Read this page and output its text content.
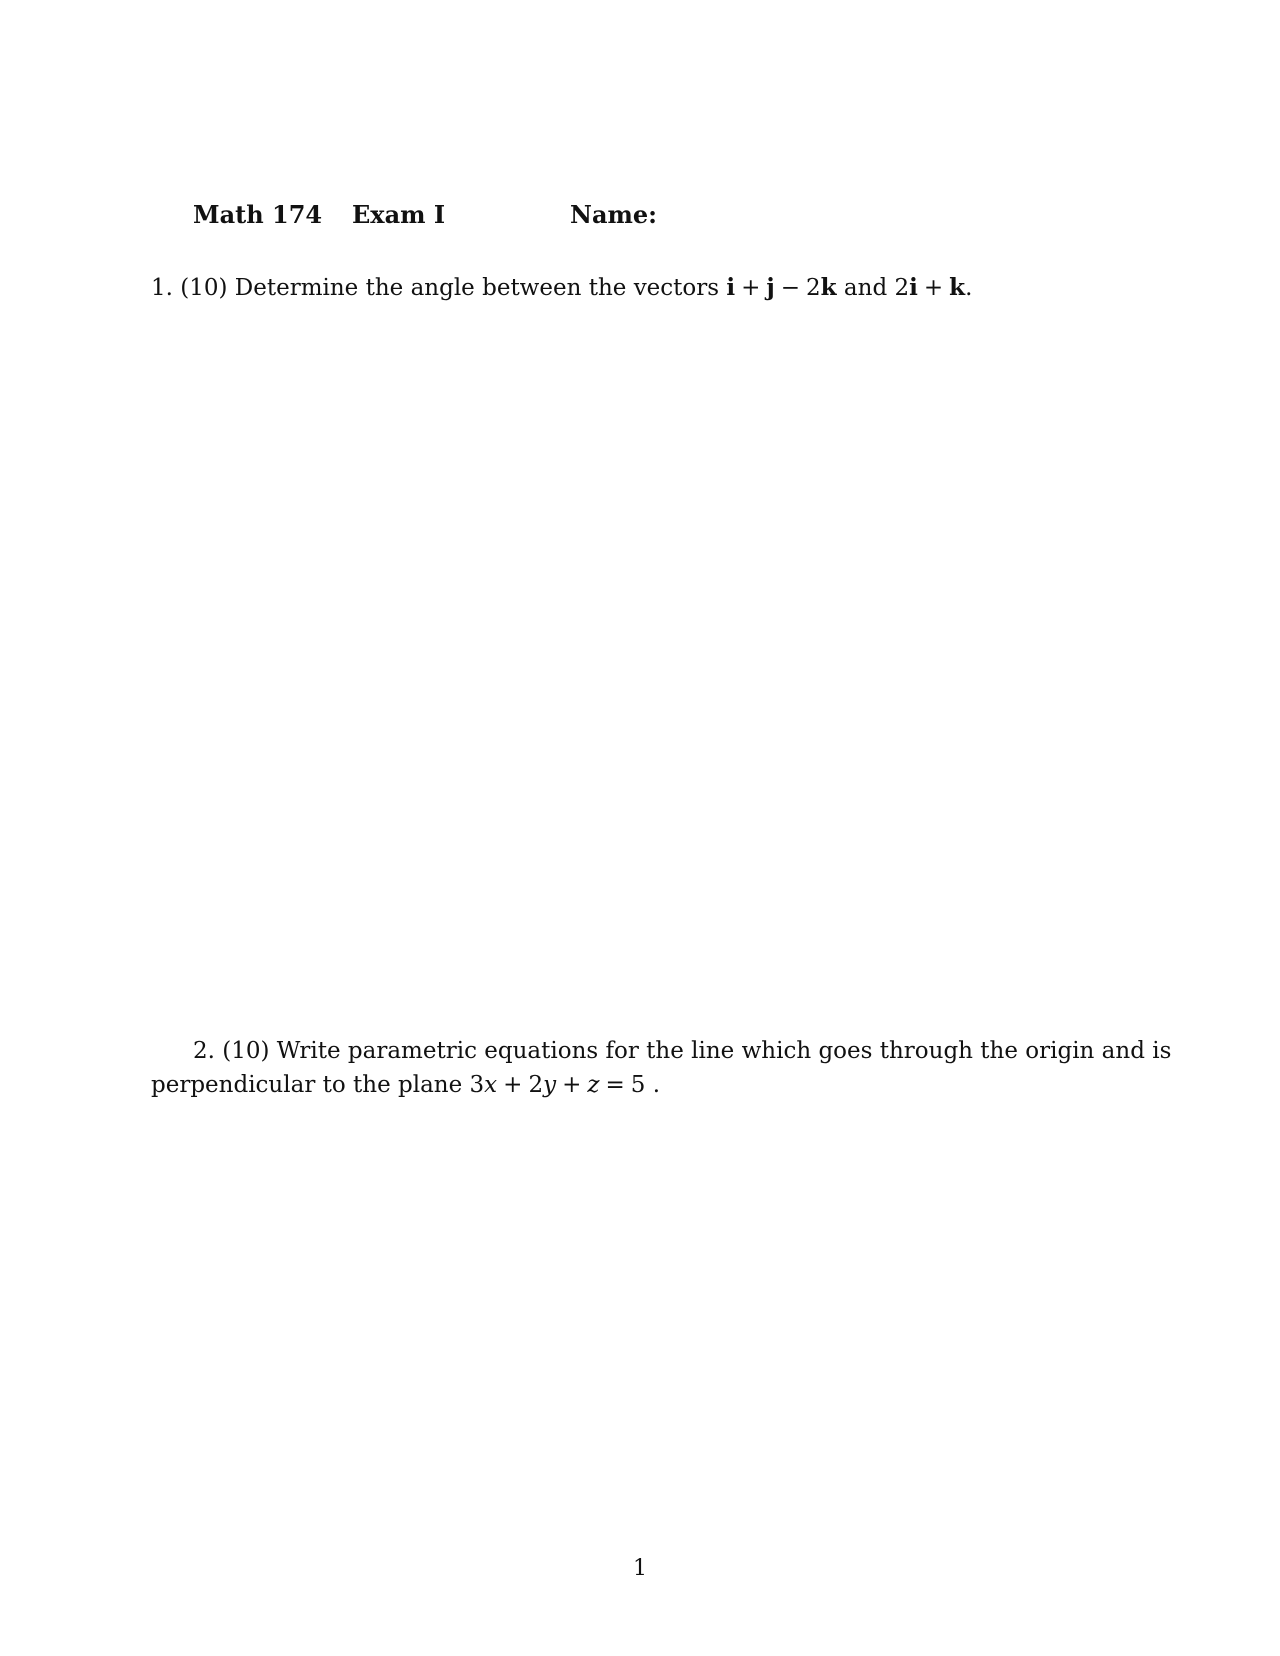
Math 174 Exam I	Name:
1. (10) Determine the angle between the vectors i + j − 2k and 2i + k.
2. (10) Write parametric equations for the line which goes through the origin and is
perpendicular to the plane 3x + 2y + z = 5 .
1
